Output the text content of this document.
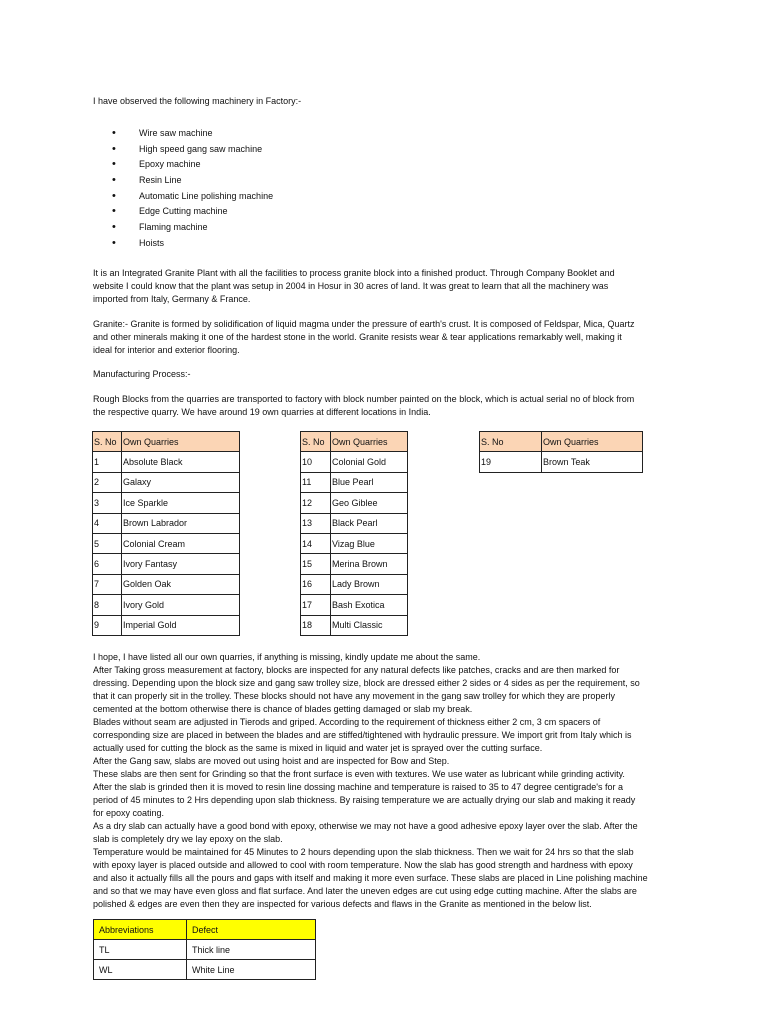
I have observed the following machinery in Factory:-
• Wire saw machine
• High speed gang saw machine
• Epoxy machine
• Resin Line
• Automatic Line polishing machine
• Edge Cutting machine
• Flaming machine
• Hoists
It is an Integrated Granite Plant with all the facilities to process granite block into a finished product. Through Company Booklet and
website I could know that the plant was setup in 2004 in Hosur in 30 acres of land. It was great to learn that all the machinery was
imported from Italy, Germany & France.
Granite:- Granite is formed by solidification of liquid magma under the pressure of earth's crust. It is composed of Feldspar, Mica, Quartz
and other minerals making it one of the hardest stone in the world. Granite resists wear & tear applications remarkably well, making it
ideal for interior and exterior flooring.
Manufacturing Process:-
Rough Blocks from the quarries are transported to factory with block number painted on the block, which is actual serial no of block from
the respective quarry. We have around 19 own quarries at different locations in India.
S. No	Own Quarries
1	Absolute Black
2	Galaxy
3	Ice Sparkle
4	Brown Labrador
5	Colonial Cream
6	Ivory Fantasy
7	Golden Oak
8	Ivory Gold
9	Imperial Gold
S. No	Own Quarries
10	Colonial Gold
11	Blue Pearl
12	Geo Giblee
13	Black Pearl
14	Vizag Blue
15	Merina Brown
16	Lady Brown
17	Bash Exotica
18	Multi Classic
S. No	Own Quarries
19	Brown Teak
I hope, I have listed all our own quarries, if anything is missing, kindly update me about the same.
After Taking gross measurement at factory, blocks are inspected for any natural defects like patches, cracks and are then marked for
dressing. Depending upon the block size and gang saw trolley size, block are dressed either 2 sides or 4 sides as per the requirement, so
that it can properly sit in the trolley. These blocks should not have any movement in the gang saw trolley for which they are properly
cemented at the bottom otherwise there is chance of blades getting damaged or slab my break.
Blades without seam are adjusted in Tierods and griped. According to the requirement of thickness either 2 cm, 3 cm spacers of
corresponding size are placed in between the blades and are stiffed/tightened with hydraulic pressure. We import grit from Italy which is
actually used for cutting the block as the same is mixed in liquid and water jet is sprayed over the cutting surface.
After the Gang saw, slabs are moved out using hoist and are inspected for Bow and Step.
These slabs are then sent for Grinding so that the front surface is even with textures. We use water as lubricant while grinding activity.
After the slab is grinded then it is moved to resin line dossing machine and temperature is raised to 35 to 47 degree centigrade's for a
period of 45 minutes to 2 Hrs depending upon slab thickness. By raising temperature we are actually drying our slab and making it ready
for epoxy coating.
As a dry slab can actually have a good bond with epoxy, otherwise we may not have a good adhesive epoxy layer over the slab. After the
slab is completely dry we lay epoxy on the slab.
Temperature would be maintained for 45 Minutes to 2 hours depending upon the slab thickness. Then we wait for 24 hrs so that the slab
with epoxy layer is placed outside and allowed to cool with room temperature. Now the slab has good strength and hardness with epoxy
and also it actually fills all the pours and gaps with itself and making it more even surface. These slabs are placed in Line polishing machine
and so that we may have even gloss and flat surface. And later the uneven edges are cut using edge cutting machine. After the slabs are
polished & edges are even then they are inspected for various defects and flaws in the Granite as mentioned in the below list.
Abbreviations	Defect
TL	Thick line
WL	White Line
